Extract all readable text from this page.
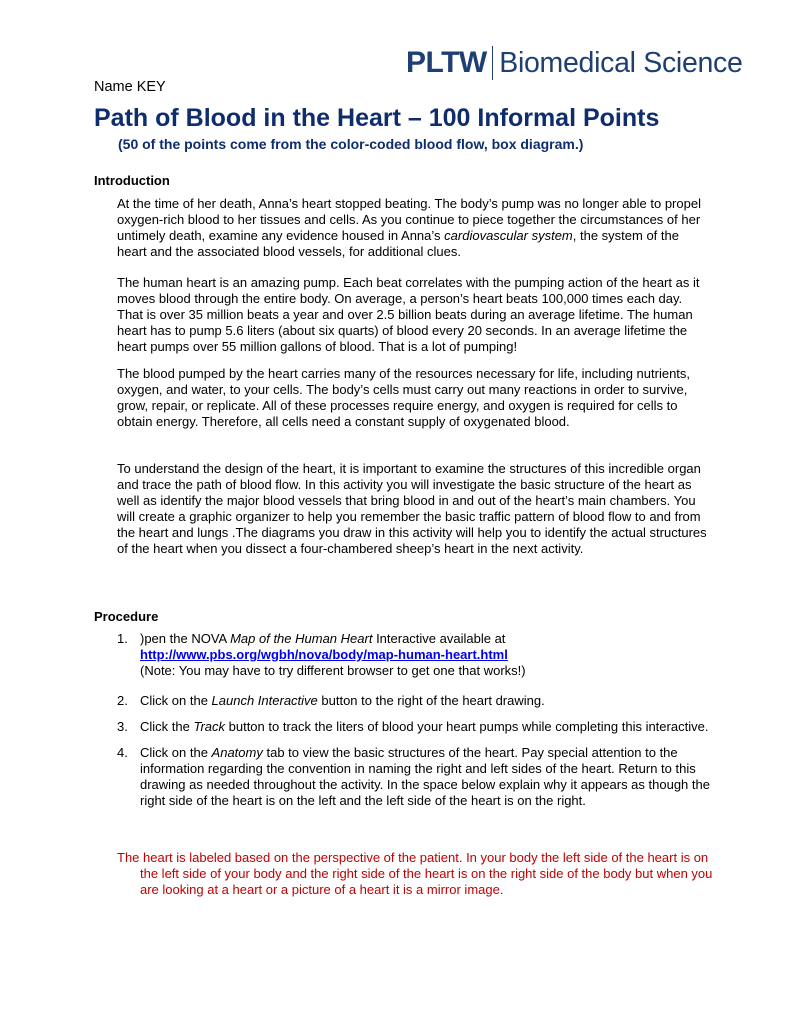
PLTW Biomedical Science
Name KEY
Path of Blood in the Heart – 100 Informal Points
(50 of the points come from the color-coded blood flow, box diagram.)
Introduction

At the time of her death, Anna’s heart stopped beating. The body’s pump was no longer able to propel oxygen-rich blood to her tissues and cells. As you continue to piece together the circumstances of her untimely death, examine any evidence housed in Anna’s cardiovascular system, the system of the heart and the associated blood vessels, for additional clues.

The human heart is an amazing pump. Each beat correlates with the pumping action of the heart as it moves blood through the entire body. On average, a person’s heart beats 100,000 times each day. That is over 35 million beats a year and over 2.5 billion beats during an average lifetime. The human heart has to pump 5.6 liters (about six quarts) of blood every 20 seconds. In an average lifetime the heart pumps over 55 million gallons of blood. That is a lot of pumping!

The blood pumped by the heart carries many of the resources necessary for life, including nutrients, oxygen, and water, to your cells. The body’s cells must carry out many reactions in order to survive, grow, repair, or replicate. All of these processes require energy, and oxygen is required for cells to obtain energy. Therefore, all cells need a constant supply of oxygenated blood.

To understand the design of the heart, it is important to examine the structures of this incredible organ and trace the path of blood flow. In this activity you will investigate the basic structure of the heart as well as identify the major blood vessels that bring blood in and out of the heart’s main chambers. You will create a graphic organizer to help you remember the basic traffic pattern of blood flow to and from the heart and lungs .The diagrams you draw in this activity will help you to identify the actual structures of the heart when you dissect a four-chambered sheep’s heart in the next activity.

Procedure
1. )pen the NOVA Map of the Human Heart Interactive available at
http://www.pbs.org/wgbh/nova/body/map-human-heart.html
(Note: You may have to try different browser to get one that works!)
2. Click on the Launch Interactive button to the right of the heart drawing.
3. Click the Track button to track the liters of blood your heart pumps while completing this interactive.
4. Click on the Anatomy tab to view the basic structures of the heart. Pay special attention to the information regarding the convention in naming the right and left sides of the heart. Return to this drawing as needed throughout the activity. In the space below explain why it appears as though the right side of the heart is on the left and the left side of the heart is on the right.

The heart is labeled based on the perspective of the patient. In your body the left side of the heart is on the left side of your body and the right side of the heart is on the right side of the body but when you are looking at a heart or a picture of a heart it is a mirror image.
